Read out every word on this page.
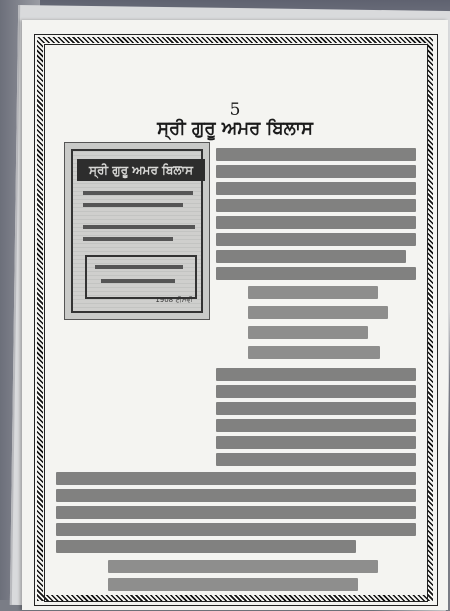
5
ਸ੍ਰੀ ਗੁਰੂ ਅਮਰ ਬਿਲਾਸ
ਸ੍ਰੀ ਗੁਰੂ ਅਮਰ ਬਿਲਾਸ
1908 ਈਸਵੀ
